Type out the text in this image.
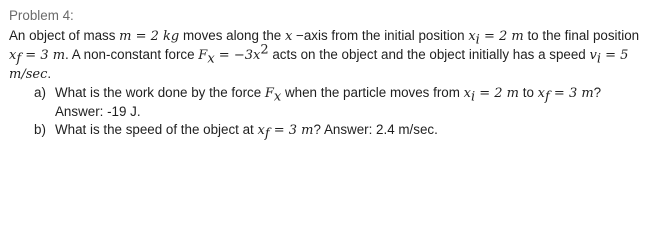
Problem 4:

An object of mass m = 2 kg moves along the x −axis from the initial position $x_i = 2$ m to the final position $x_f = 3$ m. A non-constant force $F_x = -3x^2$ acts on the object and the object initially has a speed $v_i = 5$ m/sec.

a) What is the work done by the force $F_x$ when the particle moves from $x_i = 2$ m to $x_f = 3$ m? Answer: -19 J.
b) What is the speed of the object at $x_f = 3$ m? Answer: 2.4 m/sec.
